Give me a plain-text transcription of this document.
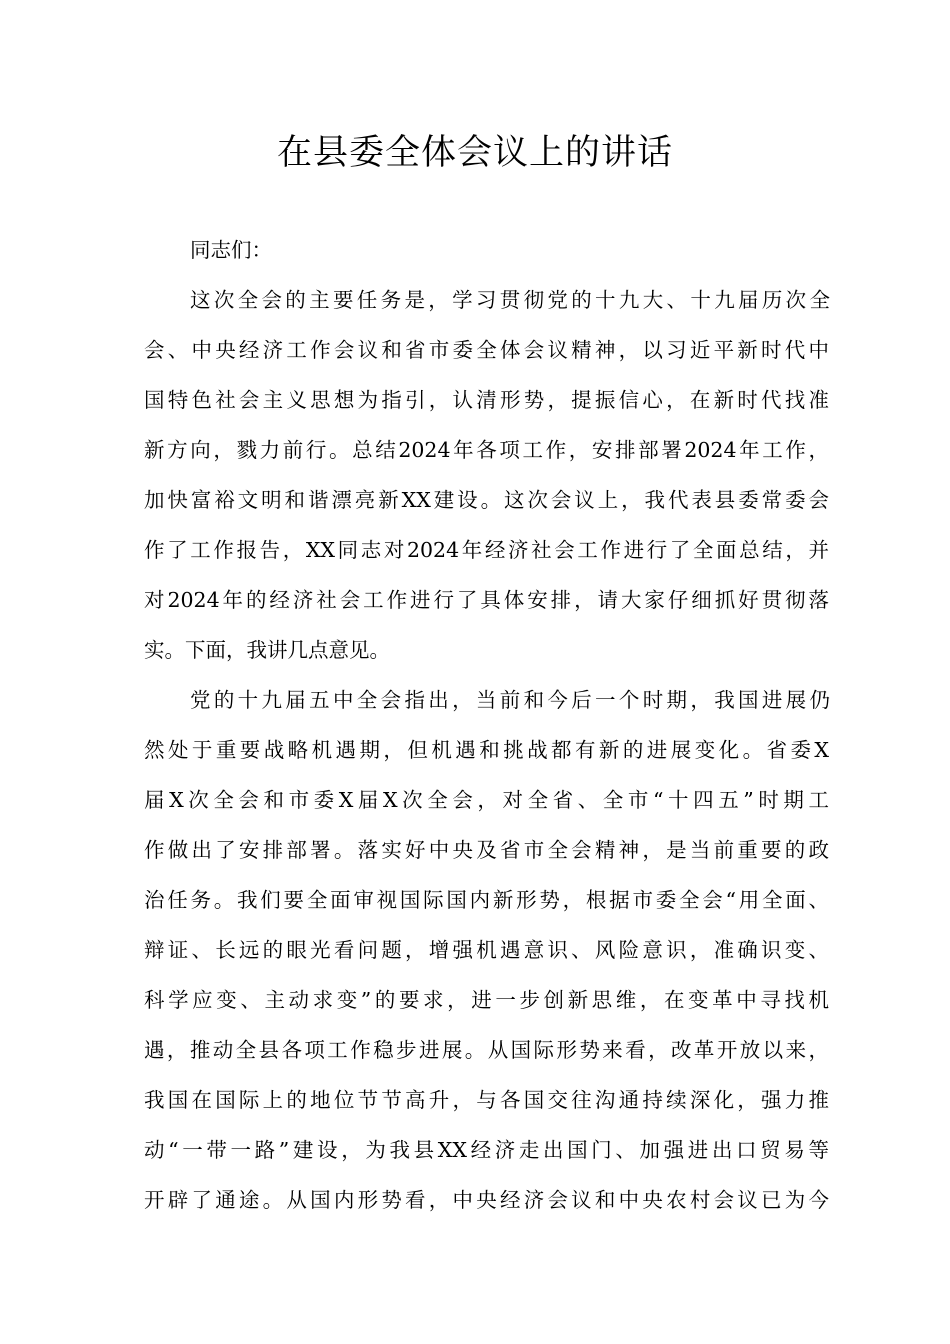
在县委全体会议上的讲话
同志们：
这次全会的主要任务是，学习贯彻党的十九大、十九届历次全
会、中央经济工作会议和省市委全体会议精神，以习近平新时代中
国特色社会主义思想为指引，认清形势，提振信心，在新时代找准
新方向，戮力前行。总结2024年各项工作，安排部署2024年工作，
加快富裕文明和谐漂亮新XX建设。这次会议上，我代表县委常委会
作了工作报告，XX同志对2024年经济社会工作进行了全面总结，并
对2024年的经济社会工作进行了具体安排，请大家仔细抓好贯彻落
实。下面，我讲几点意见。
党的十九届五中全会指出，当前和今后一个时期，我国进展仍
然处于重要战略机遇期，但机遇和挑战都有新的进展变化。省委X
届X次全会和市委X届X次全会，对全省、全市“十四五”时期工
作做出了安排部署。落实好中央及省市全会精神，是当前重要的政
治任务。我们要全面审视国际国内新形势，根据市委全会“用全面、
辩证、长远的眼光看问题，增强机遇意识、风险意识，准确识变、
科学应变、主动求变”的要求，进一步创新思维，在变革中寻找机
遇，推动全县各项工作稳步进展。从国际形势来看，改革开放以来，
我国在国际上的地位节节高升，与各国交往沟通持续深化，强力推
动“一带一路”建设，为我县XX经济走出国门、加强进出口贸易等
开辟了通途。从国内形势看，中央经济会议和中央农村会议已为今
